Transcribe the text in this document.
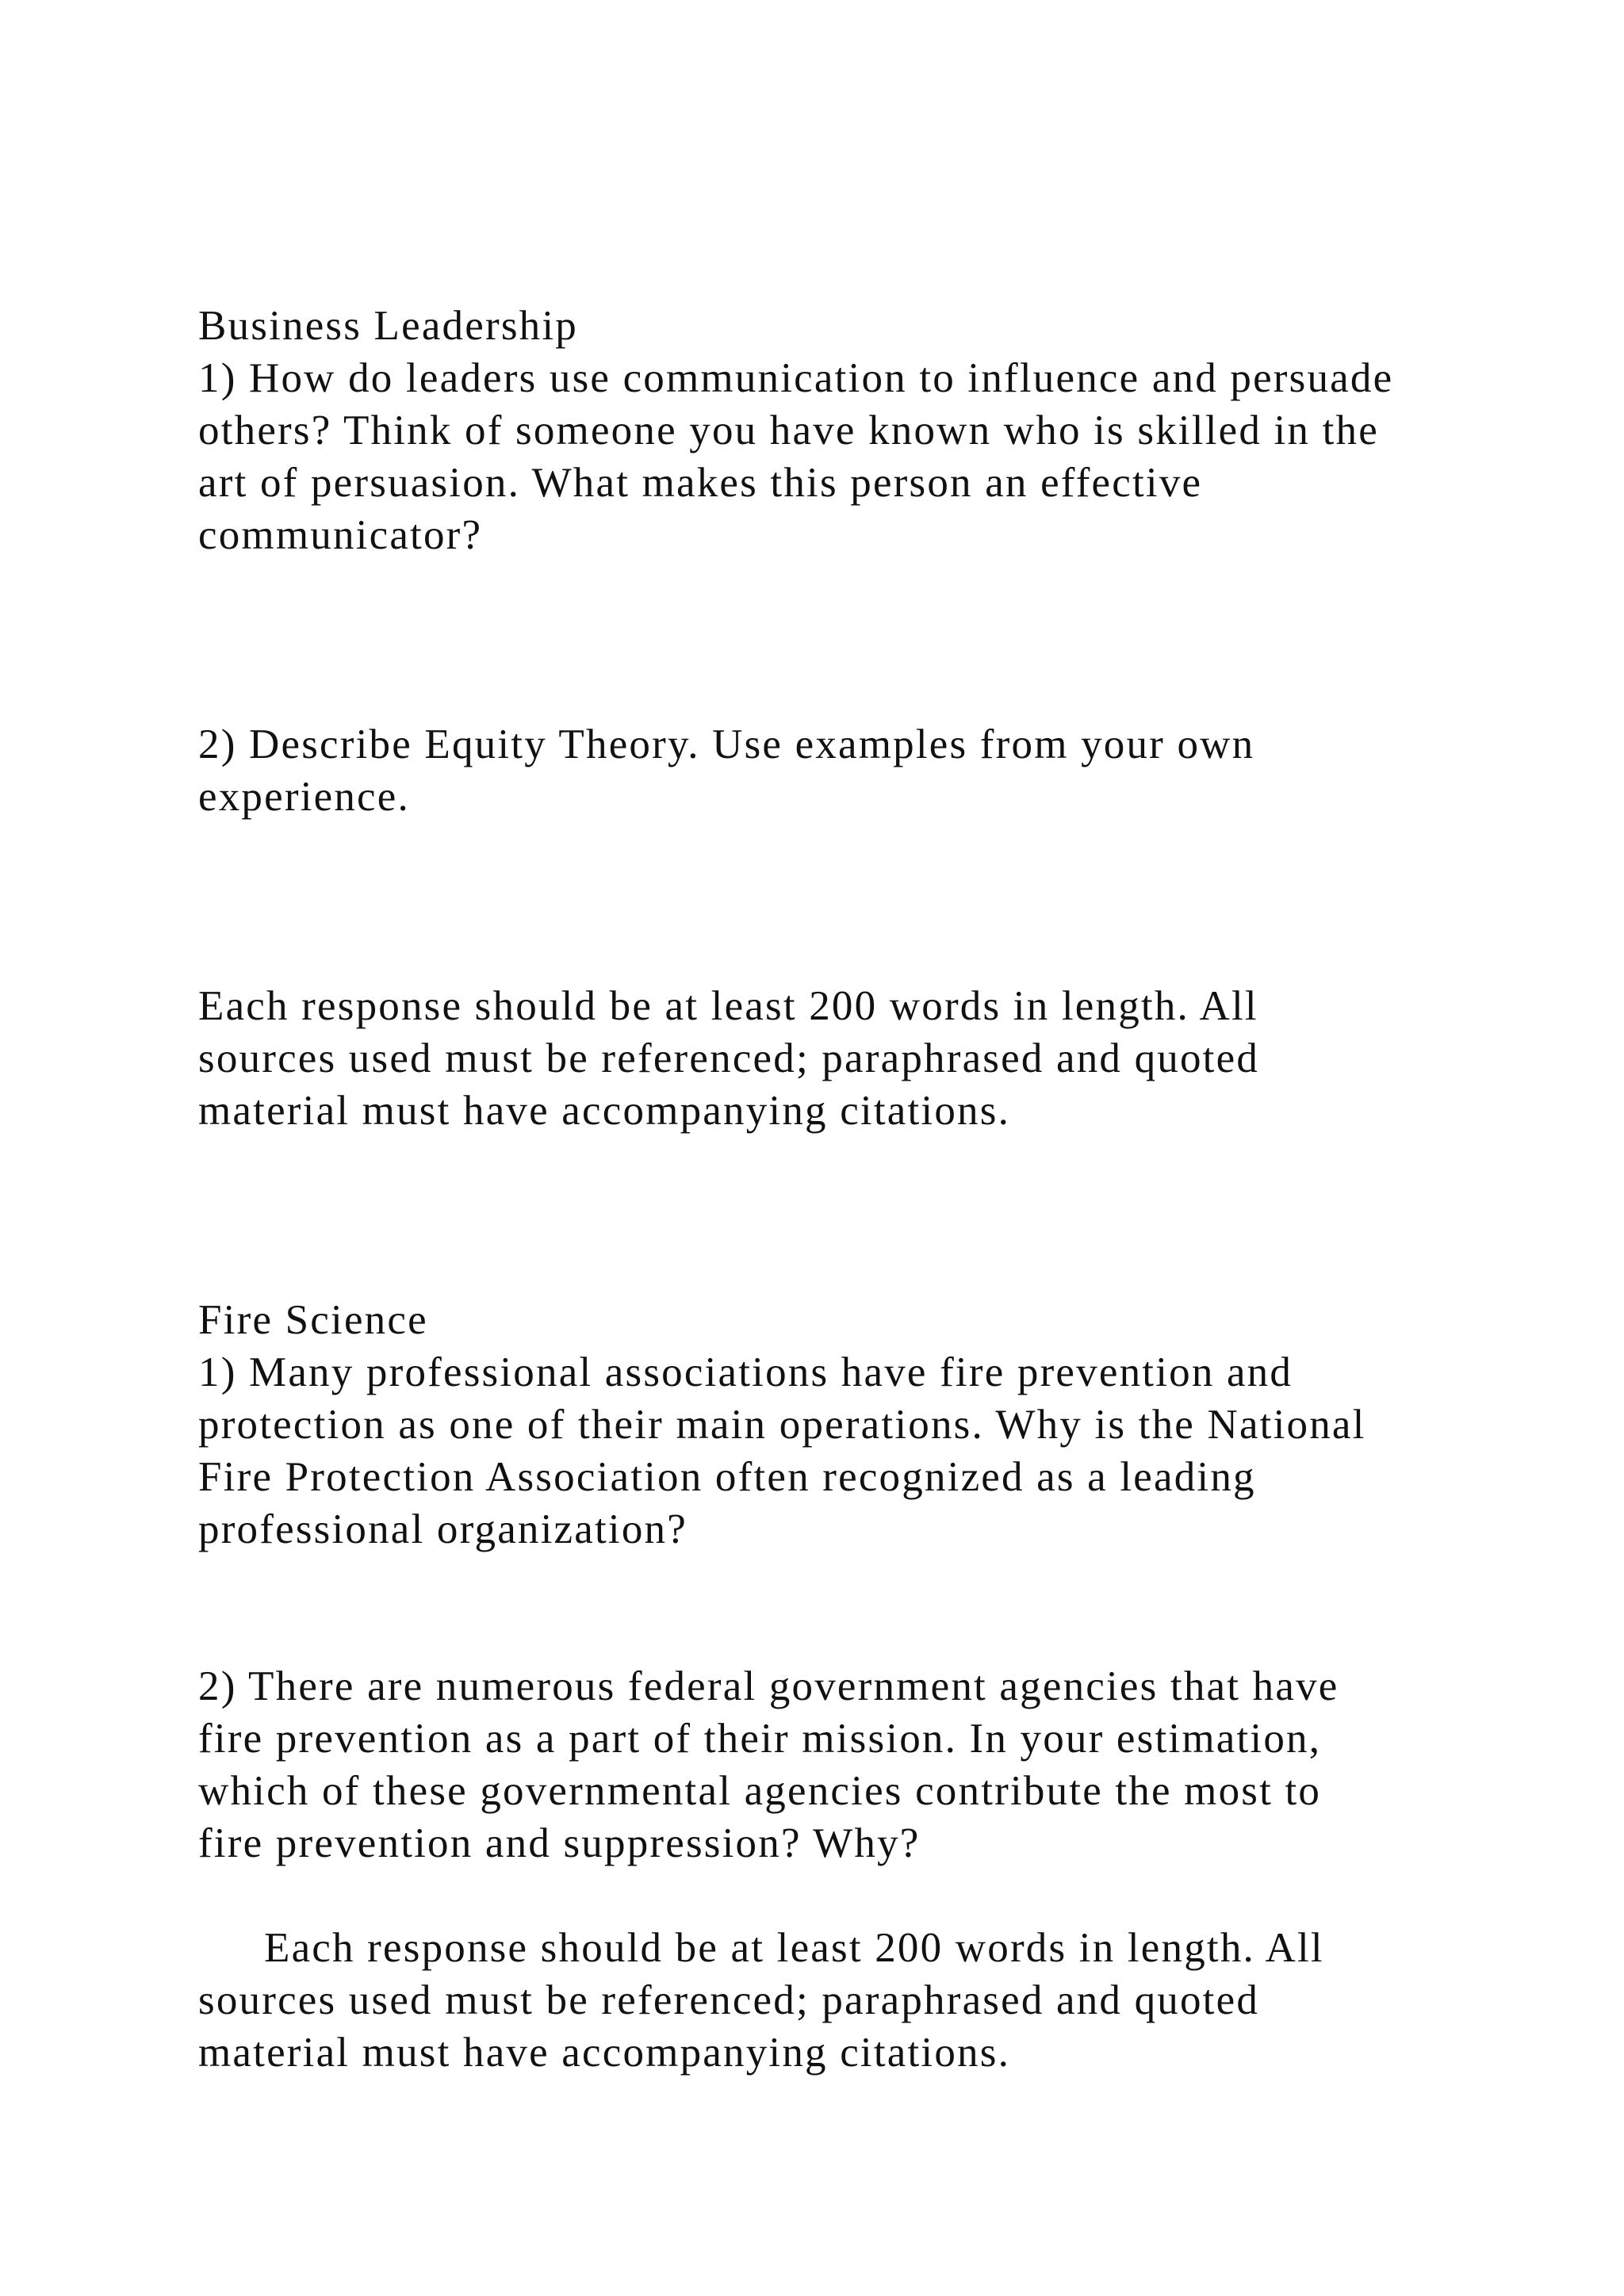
Business Leadership

1) How do leaders use communication to influence and persuade

others? Think of someone you have known who is skilled in the

art of persuasion. What makes this person an effective

communicator?

2) Describe Equity Theory. Use examples from your own

experience.

Each response should be at least 200 words in length. All

sources used must be referenced; paraphrased and quoted

material must have accompanying citations.

Fire Science

1) Many professional associations have fire prevention and

protection as one of their main operations. Why is the National

Fire Protection Association often recognized as a leading

professional organization?

2) There are numerous federal government agencies that have

fire prevention as a part of their mission. In your estimation,

which of these governmental agencies contribute the most to

fire prevention and suppression? Why?

Each response should be at least 200 words in length. All

sources used must be referenced; paraphrased and quoted

material must have accompanying citations.
